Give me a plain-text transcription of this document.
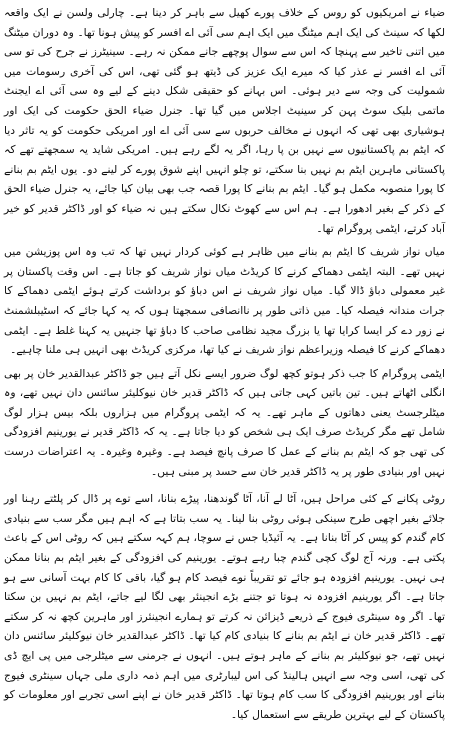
ضیاء نے امریکیوں کو روس کے خلاف پورے کھیل سے باہر کر دینا ہے۔ چارلی ولسن نے ایک واقعہ لکھا کہ سینٹ کی ایک اہم میٹنگ میں ایک اہم سی آئی اے افسر کو پیش ہونا تھا۔ وہ دوران میٹنگ میں اتنی تاخیر سے پہنچا کہ اس سے سوال پوچھے جانے ممکن نہ رہے۔ سینیٹرز نے جرح کی تو سی آئی اے افسر نے عذر کیا کہ میرے ایک عزیز کی ڈیتھ ہو گئی تھی، اس کی آخری رسومات میں شمولیت کی وجہ سے دیر ہوئی۔ اس بہانے کو حقیقی شکل دینے کے لیے وہ سی آئی اے ایجنٹ ماتمی بلیک سوٹ پہن کر سینیٹ اجلاس میں گیا تھا۔ جنرل ضیاء الحق حکومت کی ایک اور ہوشیاری بھی تھی کہ انہوں نے مخالف حربوں سے سی آئی اے اور امریکی حکومت کو یہ تاثر دیا کہ ایٹم بم پاکستانیوں سے نہیں بن پا رہا، اگر یہ لگے رہے ہیں۔ امریکی شاید یہ سمجھتے تھے کہ پاکستانی ماہرین ایٹم بم نہیں بنا سکتے، تو چلو انہیں اپنے شوق پورے کر لینے دو۔ یوں ایٹم بم بنانے کا پورا منصوبہ مکمل ہو گیا۔ ایٹم بم بنانے کا پورا قصہ جب بھی بیان کیا جائے، یہ جنرل ضیاء الحق کے ذکر کے بغیر ادھورا ہے۔ ہم اس سے کھوٹ نکال سکتے ہیں نہ ضیاء کو اور ڈاکٹر قدیر کو خیر آباد کرتے، ایٹمی پروگرام تھا۔

میاں نواز شریف کا ایٹم بم بنانے میں ظاہر ہے کوئی کردار نہیں تھا کہ تب وہ اس پوزیشن میں نہیں تھے۔ البتہ ایٹمی دھماکے کرنے کا کریڈٹ میاں نواز شریف کو جاتا ہے۔ اس وقت پاکستان پر غیر معمولی دباؤ ڈالا گیا۔ میاں نواز شریف نے اس دباؤ کو برداشت کرتے ہوئے ایٹمی دھماکے کا جرات مندانہ فیصلہ کیا۔ میں ذاتی طور پر ناانصافی سمجھتا ہوں کہ یہ کہا جائے کہ اسٹیبلشمنٹ نے زور دے کر ایسا کرایا تھا یا بزرگ مجید نظامی صاحب کا دباؤ تھا جنہیں یہ کہنا غلط ہے۔ ایٹمی دھماکے کرنے کا فیصلہ وزیراعظم نواز شریف نے کیا تھا، مرکزی کریڈٹ بھی انہیں ہی ملنا چاہیے۔

ایٹمی پروگرام کا جب ذکر ہوتو کچھ لوگ ضرور ایسے نکل آتے ہیں جو ڈاکٹر عبدالقدیر خان پر بھی انگلی اٹھاتے ہیں۔ تین باتیں کہی جاتی ہیں کہ ڈاکٹر قدیر خان نیوکلیئر سائنس دان نہیں تھے، وہ میٹلرجسٹ یعنی دھاتوں کے ماہر تھے۔ یہ کہ ایٹمی پروگرام میں ہزاروں بلکہ بیس ہزار لوگ شامل تھے مگر کریڈٹ صرف ایک ہی شخص کو دیا جاتا ہے۔ یہ کہ ڈاکٹر قدیر نے یورینیم افزودگی کی تھی جو کہ ایٹم بم بنانے کے عمل کا صرف پانچ فیصد ہے۔ وغیرہ وغیرہ۔ یہ اعتراضات درست نہیں اور بنیادی طور پر یہ ڈاکٹر قدیر خان سے حسد پر مبنی ہیں۔

روٹی پکانے کے کئی مراحل ہیں، آٹا لے آنا، آٹا گوندھنا، پیڑے بنانا، اسے توے پر ڈال کر پلٹتے رہنا اور جلائے بغیر اچھی طرح سینکی ہوئی روٹی بنا لینا۔ یہ سب بتاتا ہے کہ اہم ہیں مگر سب سے بنیادی کام گندم کو پیس کر آٹا بنانا ہے۔ یہ آئیڈیا جس نے سوچا، ہم کہہ سکتے ہیں کہ روٹی اس کے باعث پکتی ہے۔ ورنہ آج لوگ کچی گندم چبا رہے ہوتے۔ یورینیم کی افزودگی کے بغیر ایٹم بم بنانا ممکن ہی نہیں۔ یورینیم افزودہ ہو جائے تو تقریباً نوے فیصد کام ہو گیا، باقی کا کام بہت آسانی سے ہو جاتا ہے۔ اگر یورینیم افزودہ نہ ہوتا تو جتنے بڑے انجینئر بھی لگا لیے جاتے، ایٹم بم نہیں بن سکتا تھا۔ اگر وہ سینٹری فیوج کے ذریعے ڈیزائن نہ کرتے تو ہمارے انجینئرز اور ماہرین کچھ نہ کر سکتے تھے۔ ڈاکٹر قدیر خان نے ایٹم بم بنانے کا بنیادی کام کیا تھا۔ ڈاکٹر عبدالقدیر خان نیوکلیئر سائنس دان نہیں تھے، جو نیوکلیئر بم بنانے کے ماہر ہوتے ہیں۔ انہوں نے جرمنی سے میٹلرجی میں پی ایچ ڈی کی تھی، اسی وجہ سے انہیں ہالینڈ کی اس لیبارٹری میں اہم ذمہ داری ملی جہاں سینٹری فیوج بنانے اور یورینیم افزودگی کا سب کام ہوتا تھا۔ ڈاکٹر قدیر خان نے اپنے اسی تجربے اور معلومات کو پاکستان کے لیے بہترین طریقے سے استعمال کیا۔
